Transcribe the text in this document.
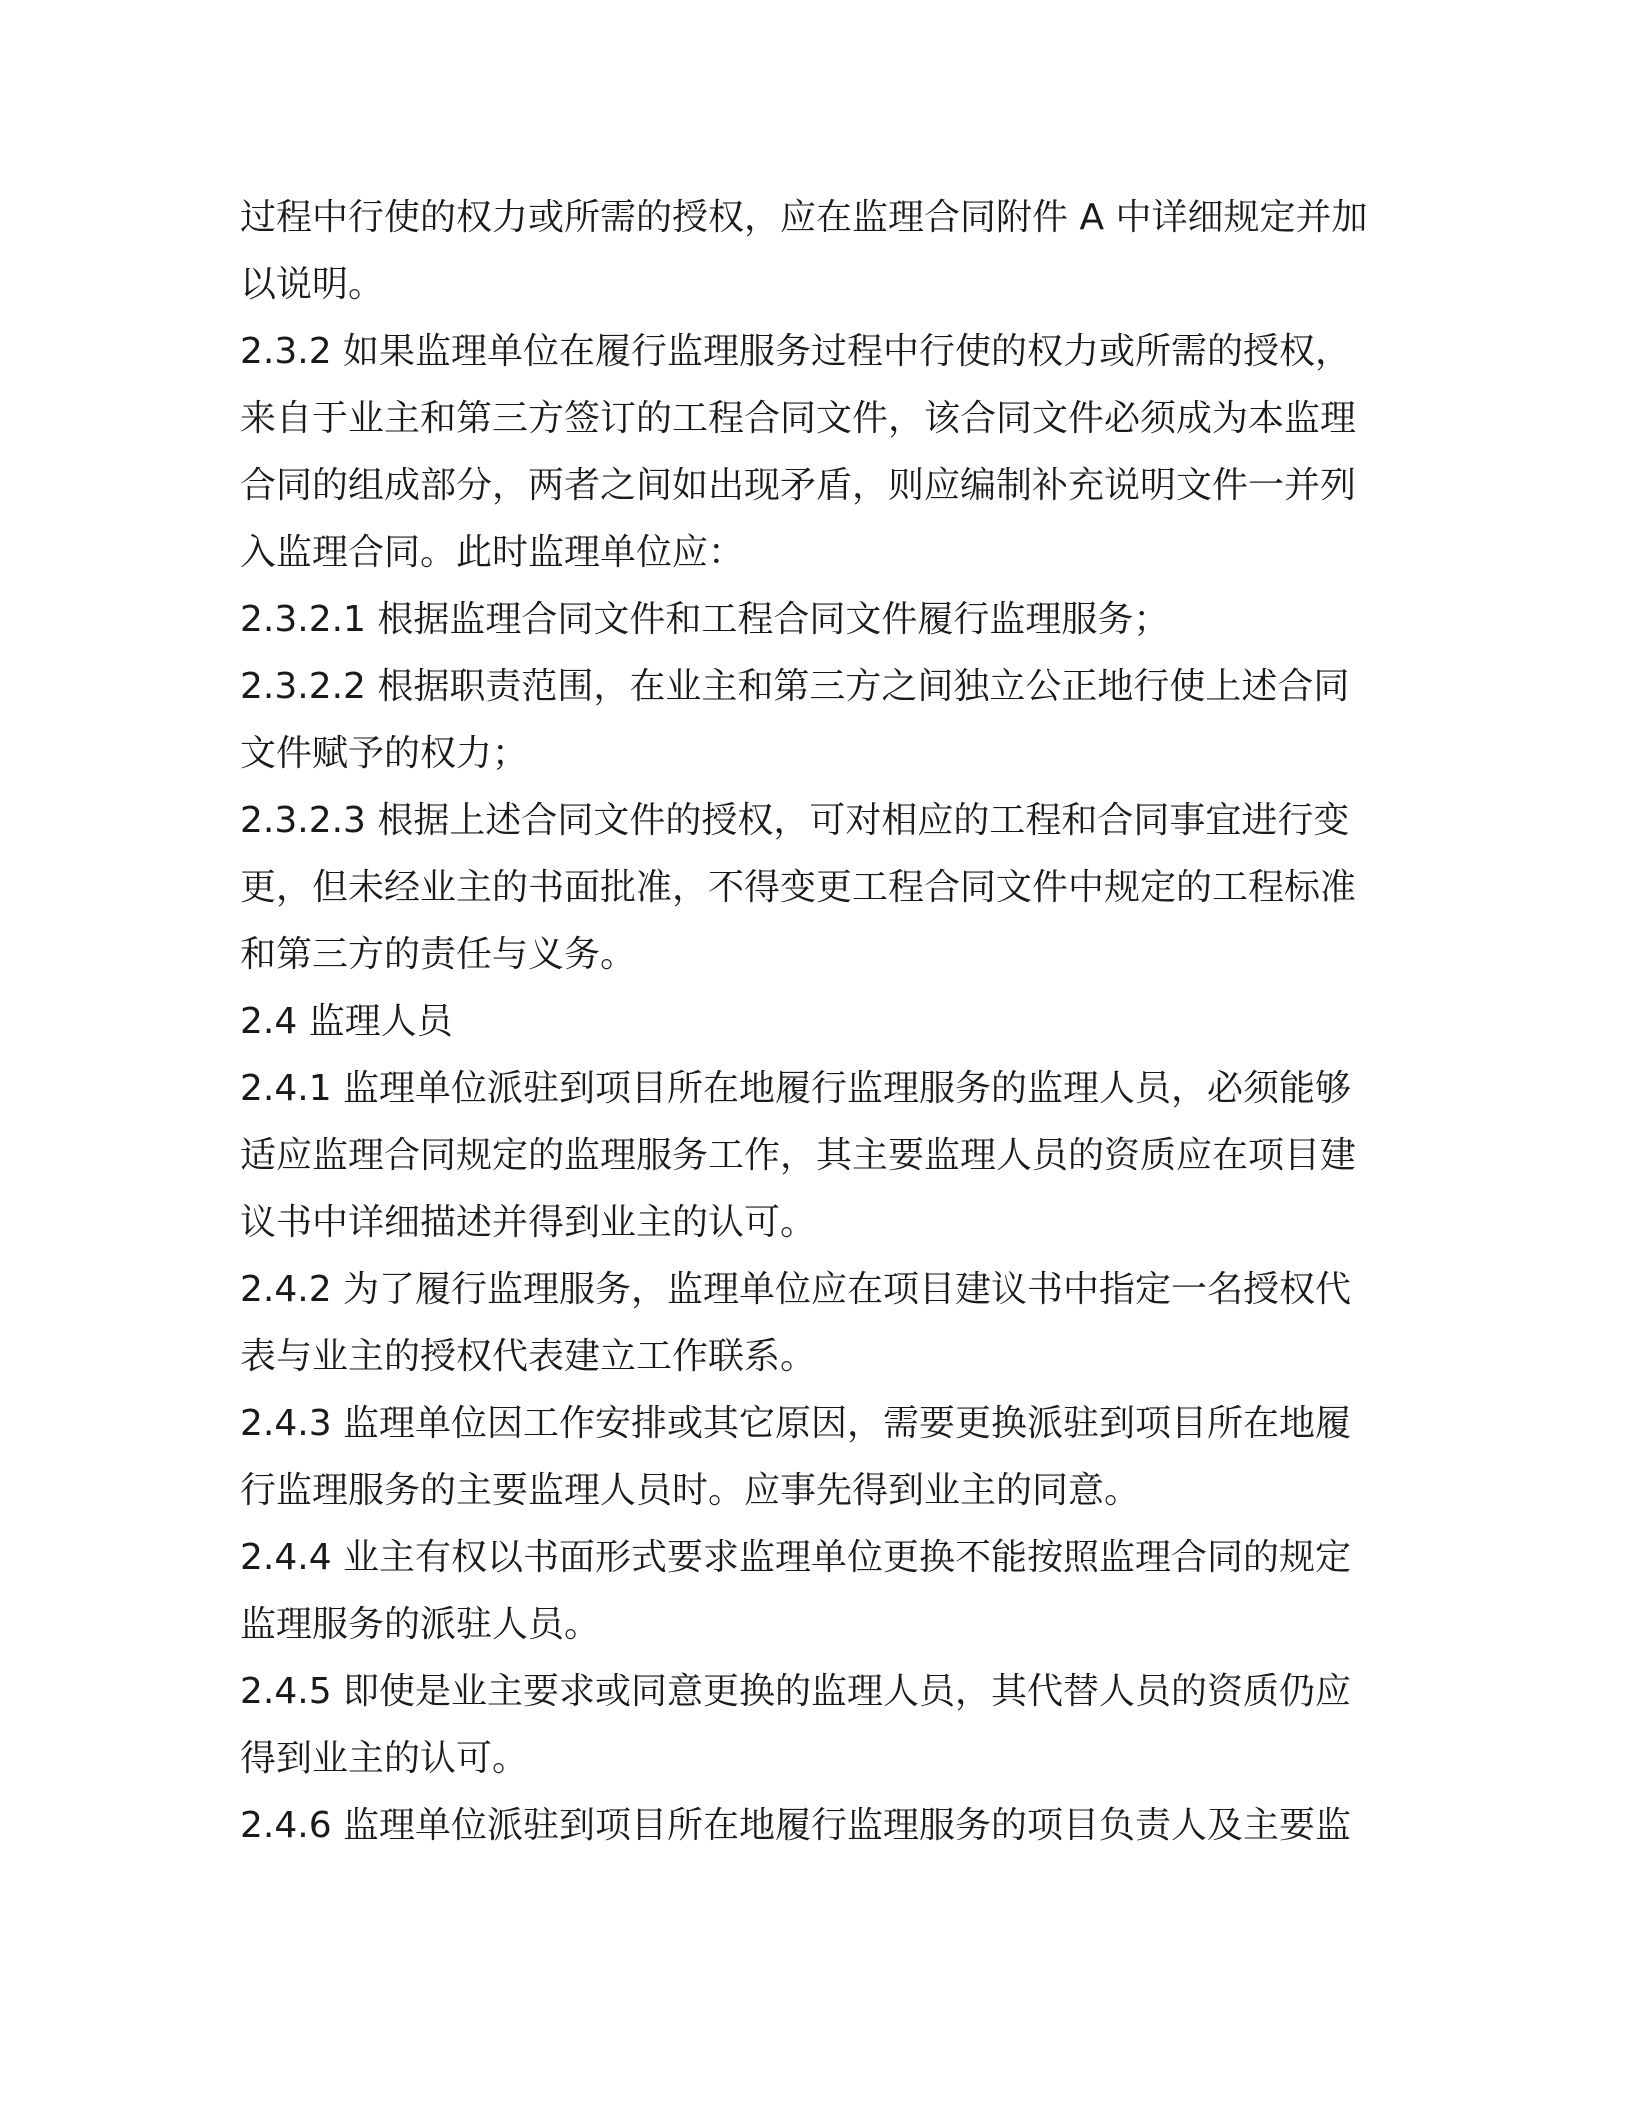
过程中行使的权力或所需的授权，应在监理合同附件 A 中详细规定并加
以说明。
2.3.2 如果监理单位在履行监理服务过程中行使的权力或所需的授权，
来自于业主和第三方签订的工程合同文件，该合同文件必须成为本监理
合同的组成部分，两者之间如出现矛盾，则应编制补充说明文件一并列
入监理合同。此时监理单位应：
2.3.2.1 根据监理合同文件和工程合同文件履行监理服务；
2.3.2.2 根据职责范围，在业主和第三方之间独立公正地行使上述合同
文件赋予的权力；
2.3.2.3 根据上述合同文件的授权，可对相应的工程和合同事宜进行变
更，但未经业主的书面批准，不得变更工程合同文件中规定的工程标准
和第三方的责任与义务。
2.4 监理人员
2.4.1 监理单位派驻到项目所在地履行监理服务的监理人员，必须能够
适应监理合同规定的监理服务工作，其主要监理人员的资质应在项目建
议书中详细描述并得到业主的认可。
2.4.2 为了履行监理服务，监理单位应在项目建议书中指定一名授权代
表与业主的授权代表建立工作联系。
2.4.3 监理单位因工作安排或其它原因，需要更换派驻到项目所在地履
行监理服务的主要监理人员时。应事先得到业主的同意。
2.4.4 业主有权以书面形式要求监理单位更换不能按照监理合同的规定
监理服务的派驻人员。
2.4.5 即使是业主要求或同意更换的监理人员，其代替人员的资质仍应
得到业主的认可。
2.4.6 监理单位派驻到项目所在地履行监理服务的项目负责人及主要监
